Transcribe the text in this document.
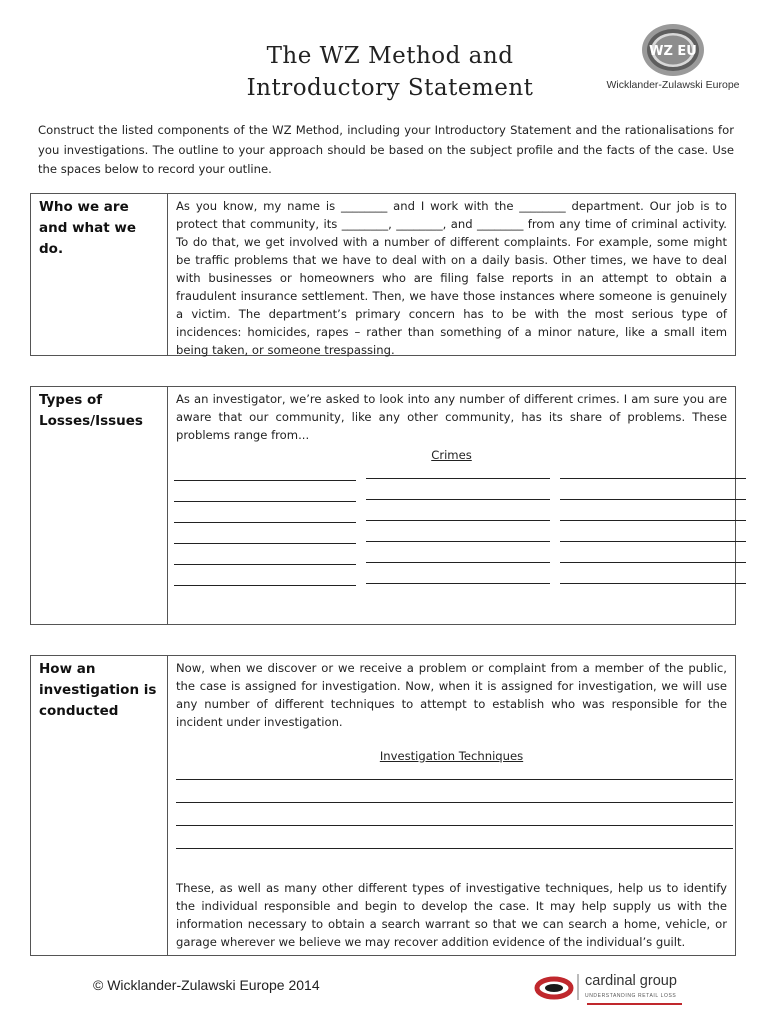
The WZ Method and
Introductory Statement
WZ EU
Wicklander-Zulawski Europe

Construct the listed components of the WZ Method, including your Introductory Statement and the rationalisations for you investigations. The outline to your approach should be based on the subject profile and the facts of the case. Use the spaces below to record your outline.

Who we are and what we do.

As you know, my name is ________ and I work with the ________ department. Our job is to protect that community, its ________, ________, and ________ from any time of criminal activity. To do that, we get involved with a number of different complaints. For example, some might be traffic problems that we have to deal with on a daily basis. Other times, we have to deal with businesses or homeowners who are filing false reports in an attempt to obtain a fraudulent insurance settlement. Then, we have those instances where someone is genuinely a victim. The department’s primary concern has to be with the most serious type of incidences: homicides, rapes – rather than something of a minor nature, like a small item being taken, or someone trespassing.

Types of Losses/Issues

As an investigator, we’re asked to look into any number of different crimes. I am sure you are aware that our community, like any other community, has its share of problems. These problems range from...

Crimes
How an investigation is conducted

Now, when we discover or we receive a problem or complaint from a member of the public, the case is assigned for investigation. Now, when it is assigned for investigation, we will use any number of different techniques to attempt to establish who was responsible for the incident under investigation.

Investigation Techniques

These, as well as many other different types of investigative techniques, help us to identify the individual responsible and begin to develop the case. It may help supply us with the information necessary to obtain a search warrant so that we can search a home, vehicle, or garage wherever we believe we may recover addition evidence of the individual’s guilt.

© Wicklander-Zulawski Europe 2014	cardinal group
UNDERSTANDING RETAIL LOSS
